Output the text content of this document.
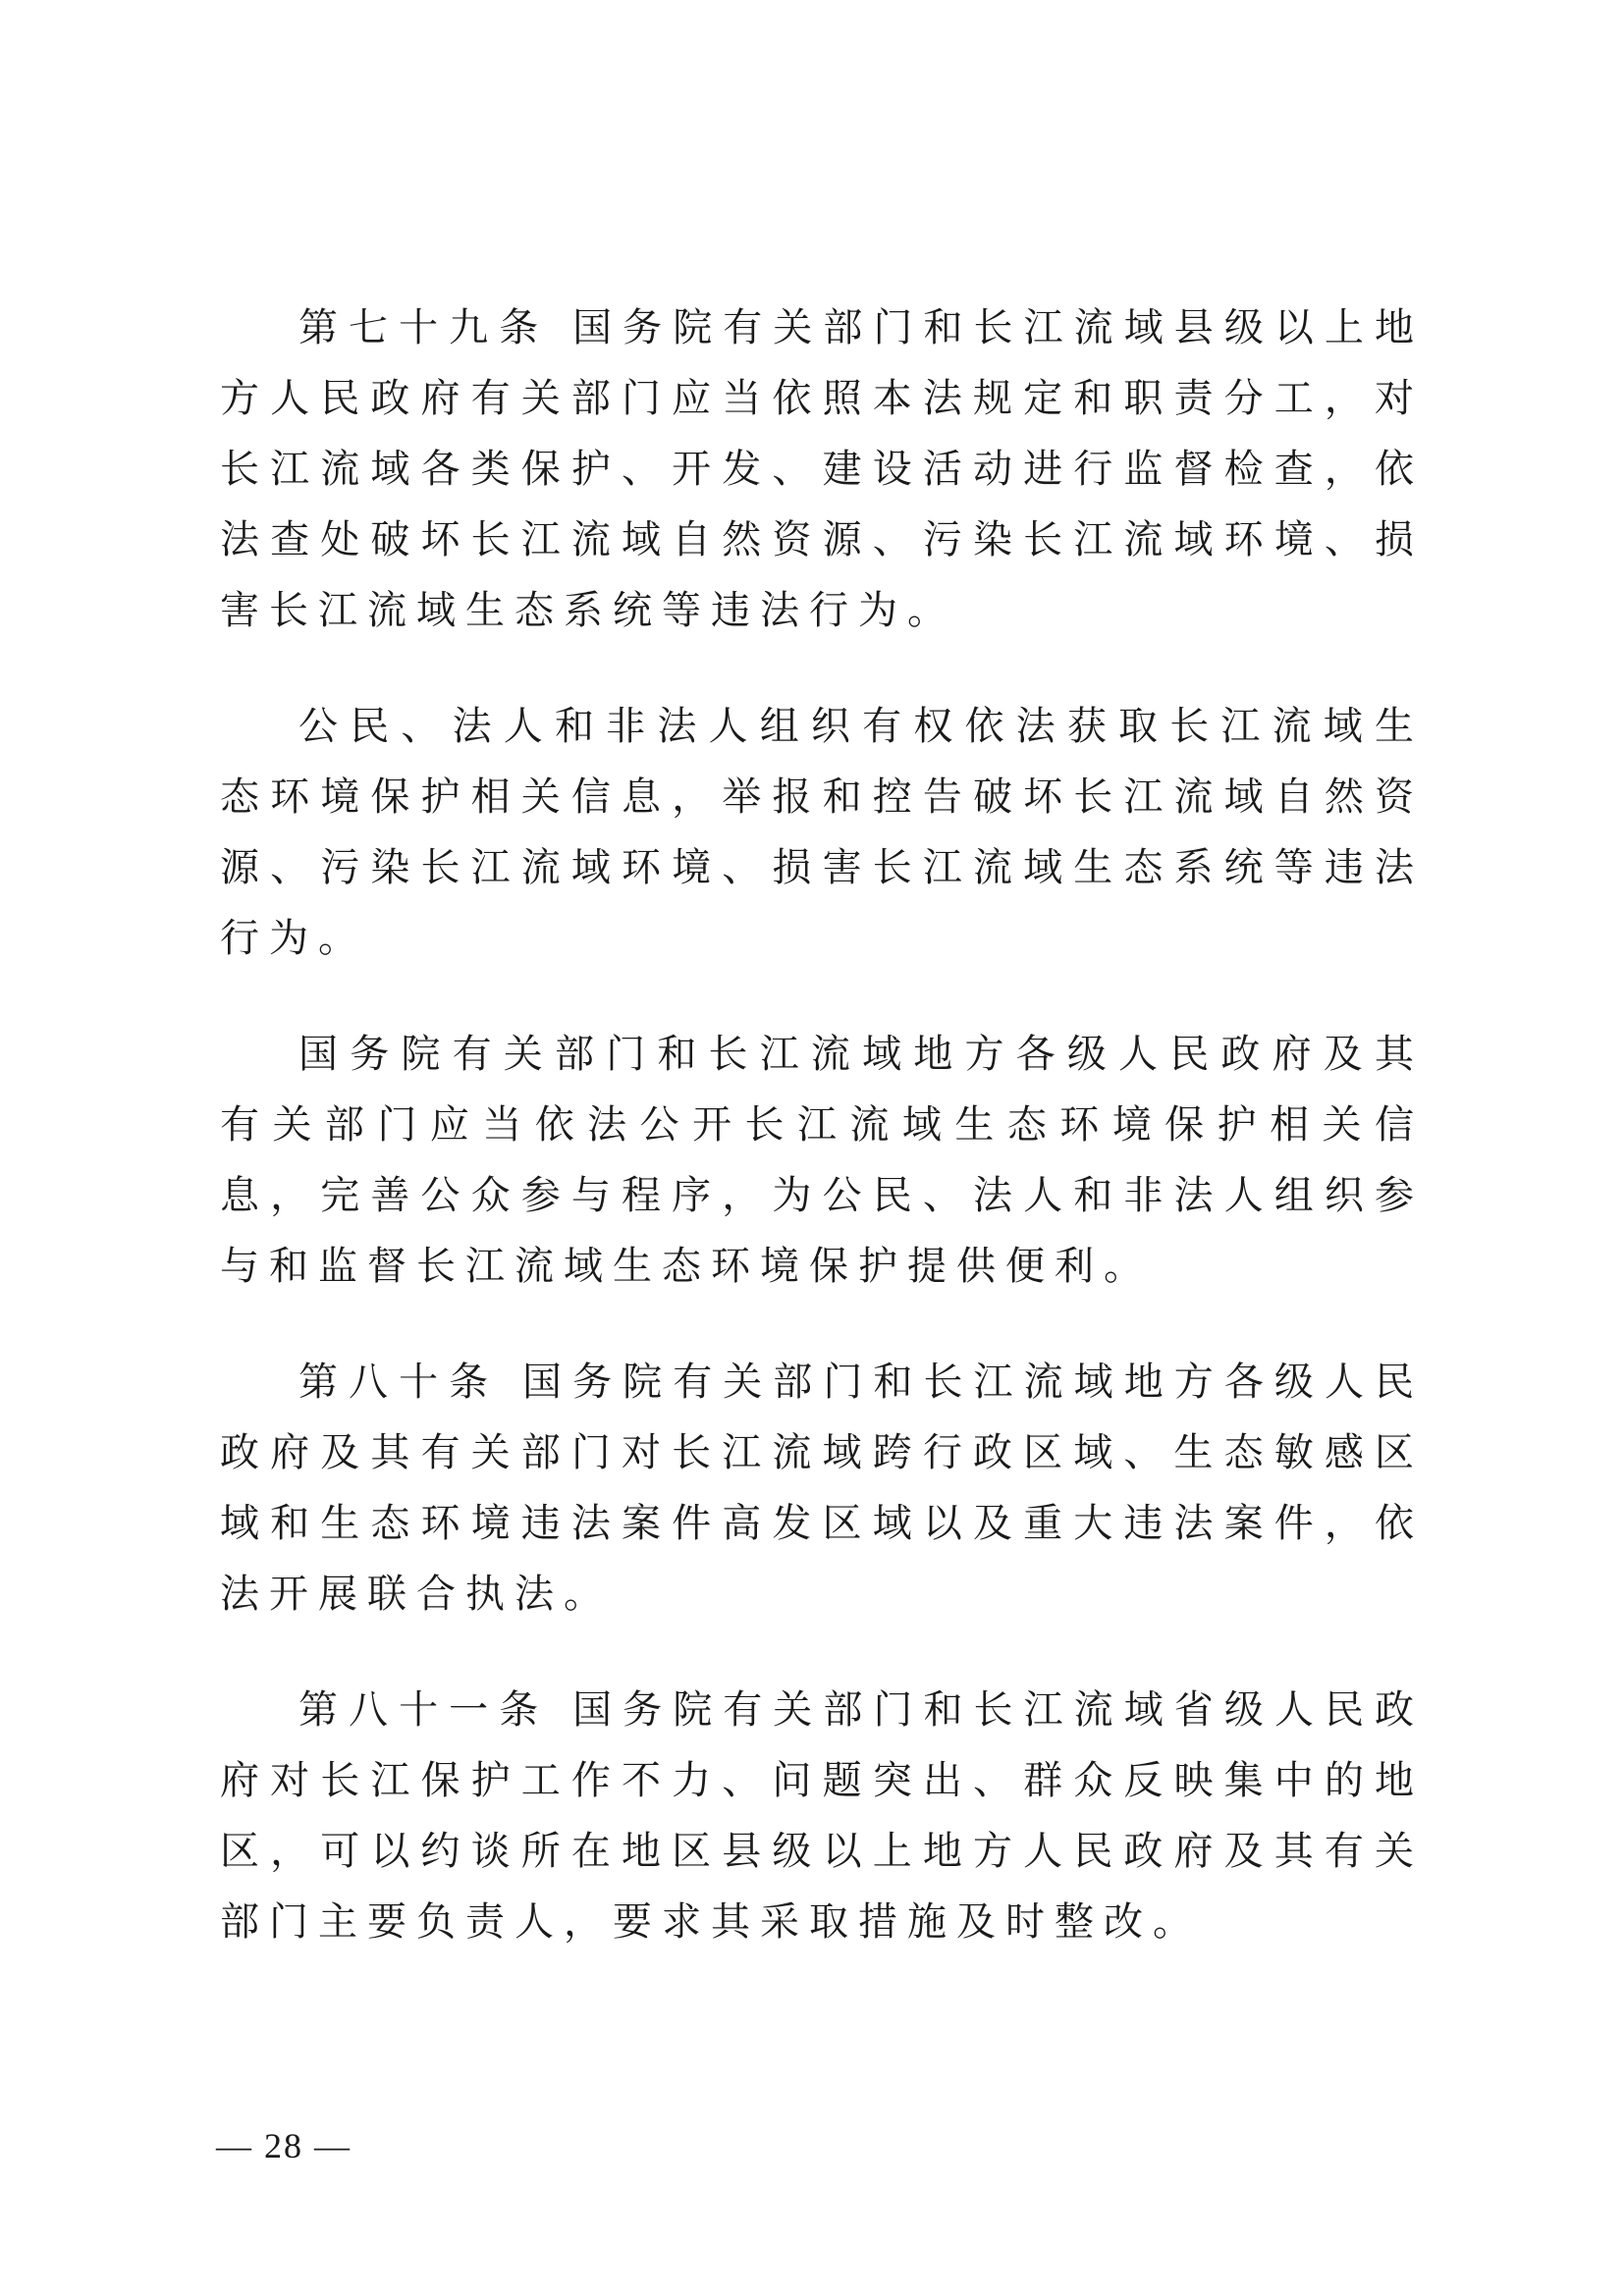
第七十九条 国务院有关部门和长江流域县级以上地方人民政府有关部门应当依照本法规定和职责分工，对长江流域各类保护、开发、建设活动进行监督检查，依法查处破坏长江流域自然资源、污染长江流域环境、损害长江流域生态系统等违法行为。

公民、法人和非法人组织有权依法获取长江流域生态环境保护相关信息，举报和控告破坏长江流域自然资源、污染长江流域环境、损害长江流域生态系统等违法行为。

国务院有关部门和长江流域地方各级人民政府及其有关部门应当依法公开长江流域生态环境保护相关信息，完善公众参与程序，为公民、法人和非法人组织参与和监督长江流域生态环境保护提供便利。

第八十条 国务院有关部门和长江流域地方各级人民政府及其有关部门对长江流域跨行政区域、生态敏感区域和生态环境违法案件高发区域以及重大违法案件，依法开展联合执法。

第八十一条 国务院有关部门和长江流域省级人民政府对长江保护工作不力、问题突出、群众反映集中的地区，可以约谈所在地区县级以上地方人民政府及其有关部门主要负责人，要求其采取措施及时整改。

— 28 —
